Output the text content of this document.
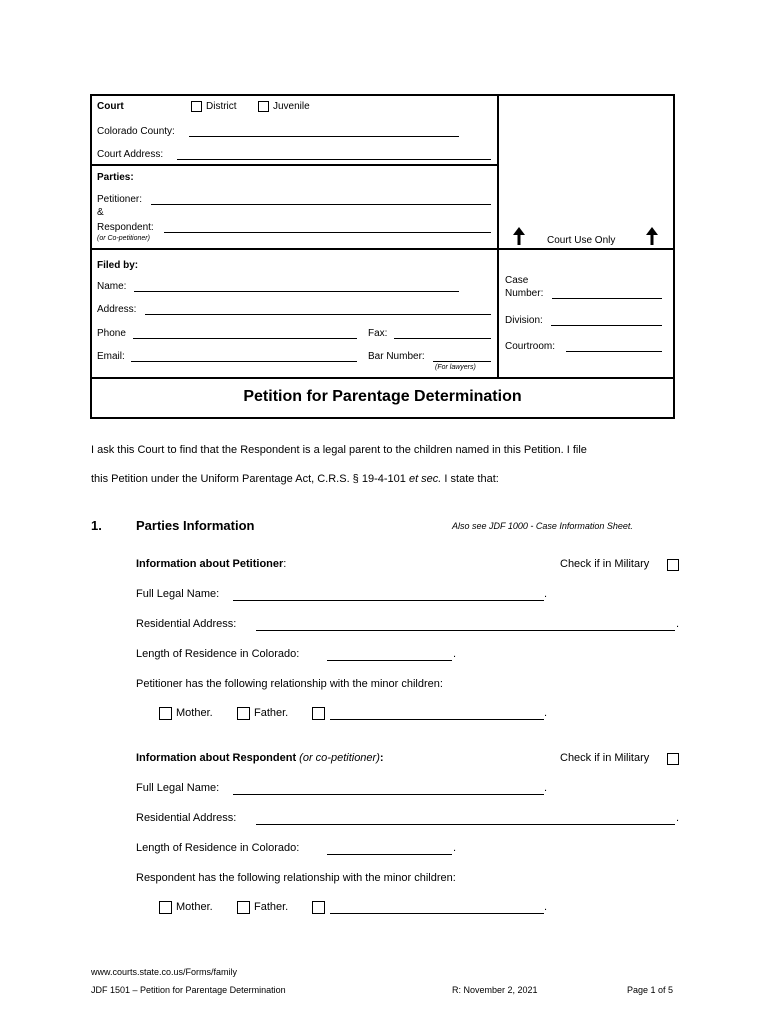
Court	District	Juvenile
Colorado County:
Court Address:
Parties:
Petitioner:
&
Respondent:
(or Co-petitioner)	Court Use Only
Filed by:
Name:
Address:
Phone	Fax:
Email:	Bar Number:
(For lawyers)
Case
Number:
Division:
Courtroom:
Petition for Parentage Determination
I ask this Court to find that the Respondent is a legal parent to the children named in this Petition. I file
this Petition under the Uniform Parentage Act, C.R.S. § 19-4-101 et sec. I state that:
1.	Parties Information	Also see JDF 1000 - Case Information Sheet.
Information about Petitioner:	Check if in Military
Full Legal Name:	.
Residential Address:	.
Length of Residence in Colorado:	.
Petitioner has the following relationship with the minor children:
Mother.	Father.	.
Information about Respondent (or co-petitioner):	Check if in Military
Full Legal Name:	.
Residential Address:	.
Length of Residence in Colorado:	.
Respondent has the following relationship with the minor children:
Mother.	Father.	.
www.courts.state.co.us/Forms/family
JDF 1501 – Petition for Parentage Determination	R: November 2, 2021	Page 1 of 5
